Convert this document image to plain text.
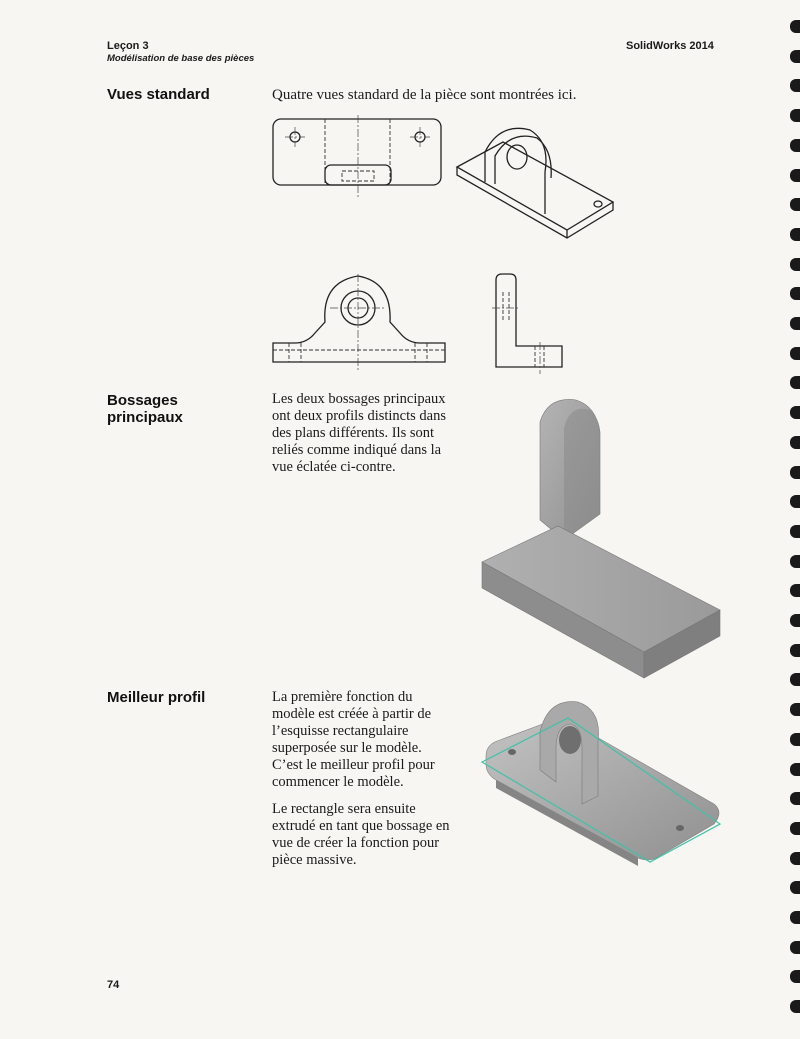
Leçon 3
Modélisation de base des pièces
SolidWorks 2014
Vues standard	Quatre vues standard de la pièce sont montrées ici.
Bossages
principaux
Les deux bossages principaux
ont deux profils distincts dans
des plans différents. Ils sont
reliés comme indiqué dans la
vue éclatée ci-contre.
Meilleur profil	La première fonction du
modèle est créée à partir de
l’esquisse rectangulaire
superposée sur le modèle.
C’est le meilleur profil pour
commencer le modèle.

Le rectangle sera ensuite
extrudé en tant que bossage en
vue de créer la fonction pour
pièce massive.

74
